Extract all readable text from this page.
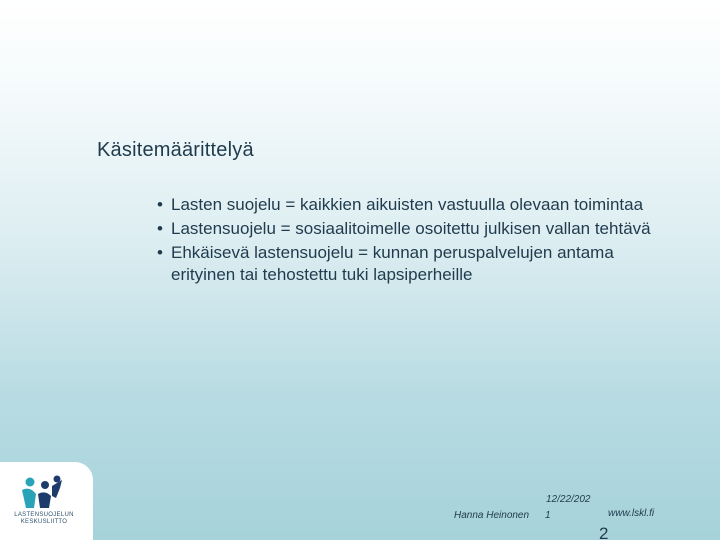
Käsitemäärittelyä
• Lasten suojelu = kaikkien aikuisten vastuulla olevaan toimintaa
• Lastensuojelu = sosiaalitoimelle osoitettu julkisen vallan tehtävä
• Ehkäisevä lastensuojelu = kunnan peruspalvelujen antama erityinen tai tehostettu tuki lapsiperheille
LASTENSUOJELUN KESKUSLIITTO
12/22/202
Hanna Heinonen 1	www.lskl.fi
2
